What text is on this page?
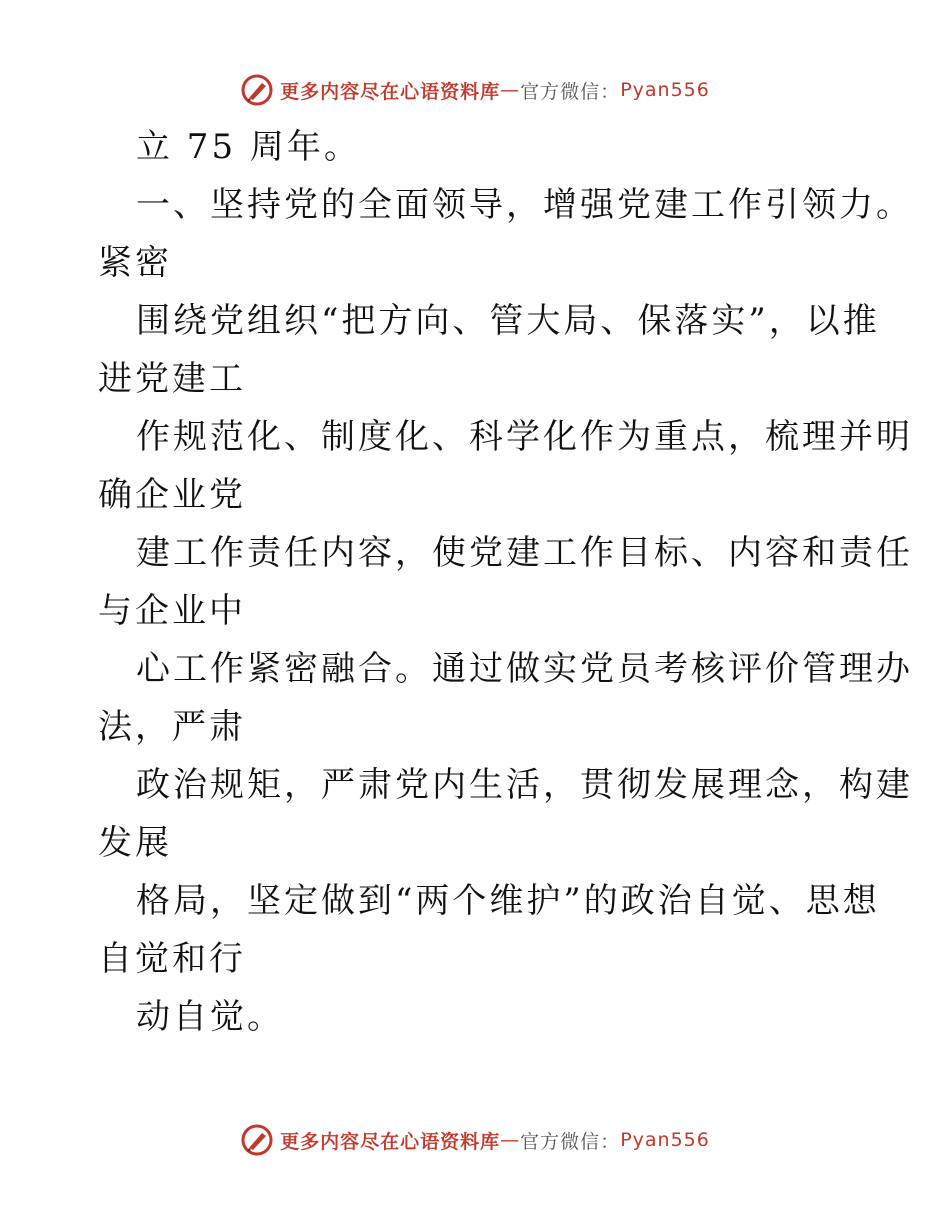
更多内容尽在心语资料库 — 官方微信： Pyan556
立 75 周年。
一、坚持党的全面领导，增强党建工作引领力。
紧密
围绕党组织“把方向、管大局、保落实”，以推
进党建工
作规范化、制度化、科学化作为重点，梳理并明
确企业党
建工作责任内容，使党建工作目标、内容和责任
与企业中
心工作紧密融合。通过做实党员考核评价管理办
法，严肃
政治规矩，严肃党内生活，贯彻发展理念，构建
发展
格局，坚定做到“两个维护”的政治自觉、思想
自觉和行
动自觉。
更多内容尽在心语资料库 — 官方微信： Pyan556
